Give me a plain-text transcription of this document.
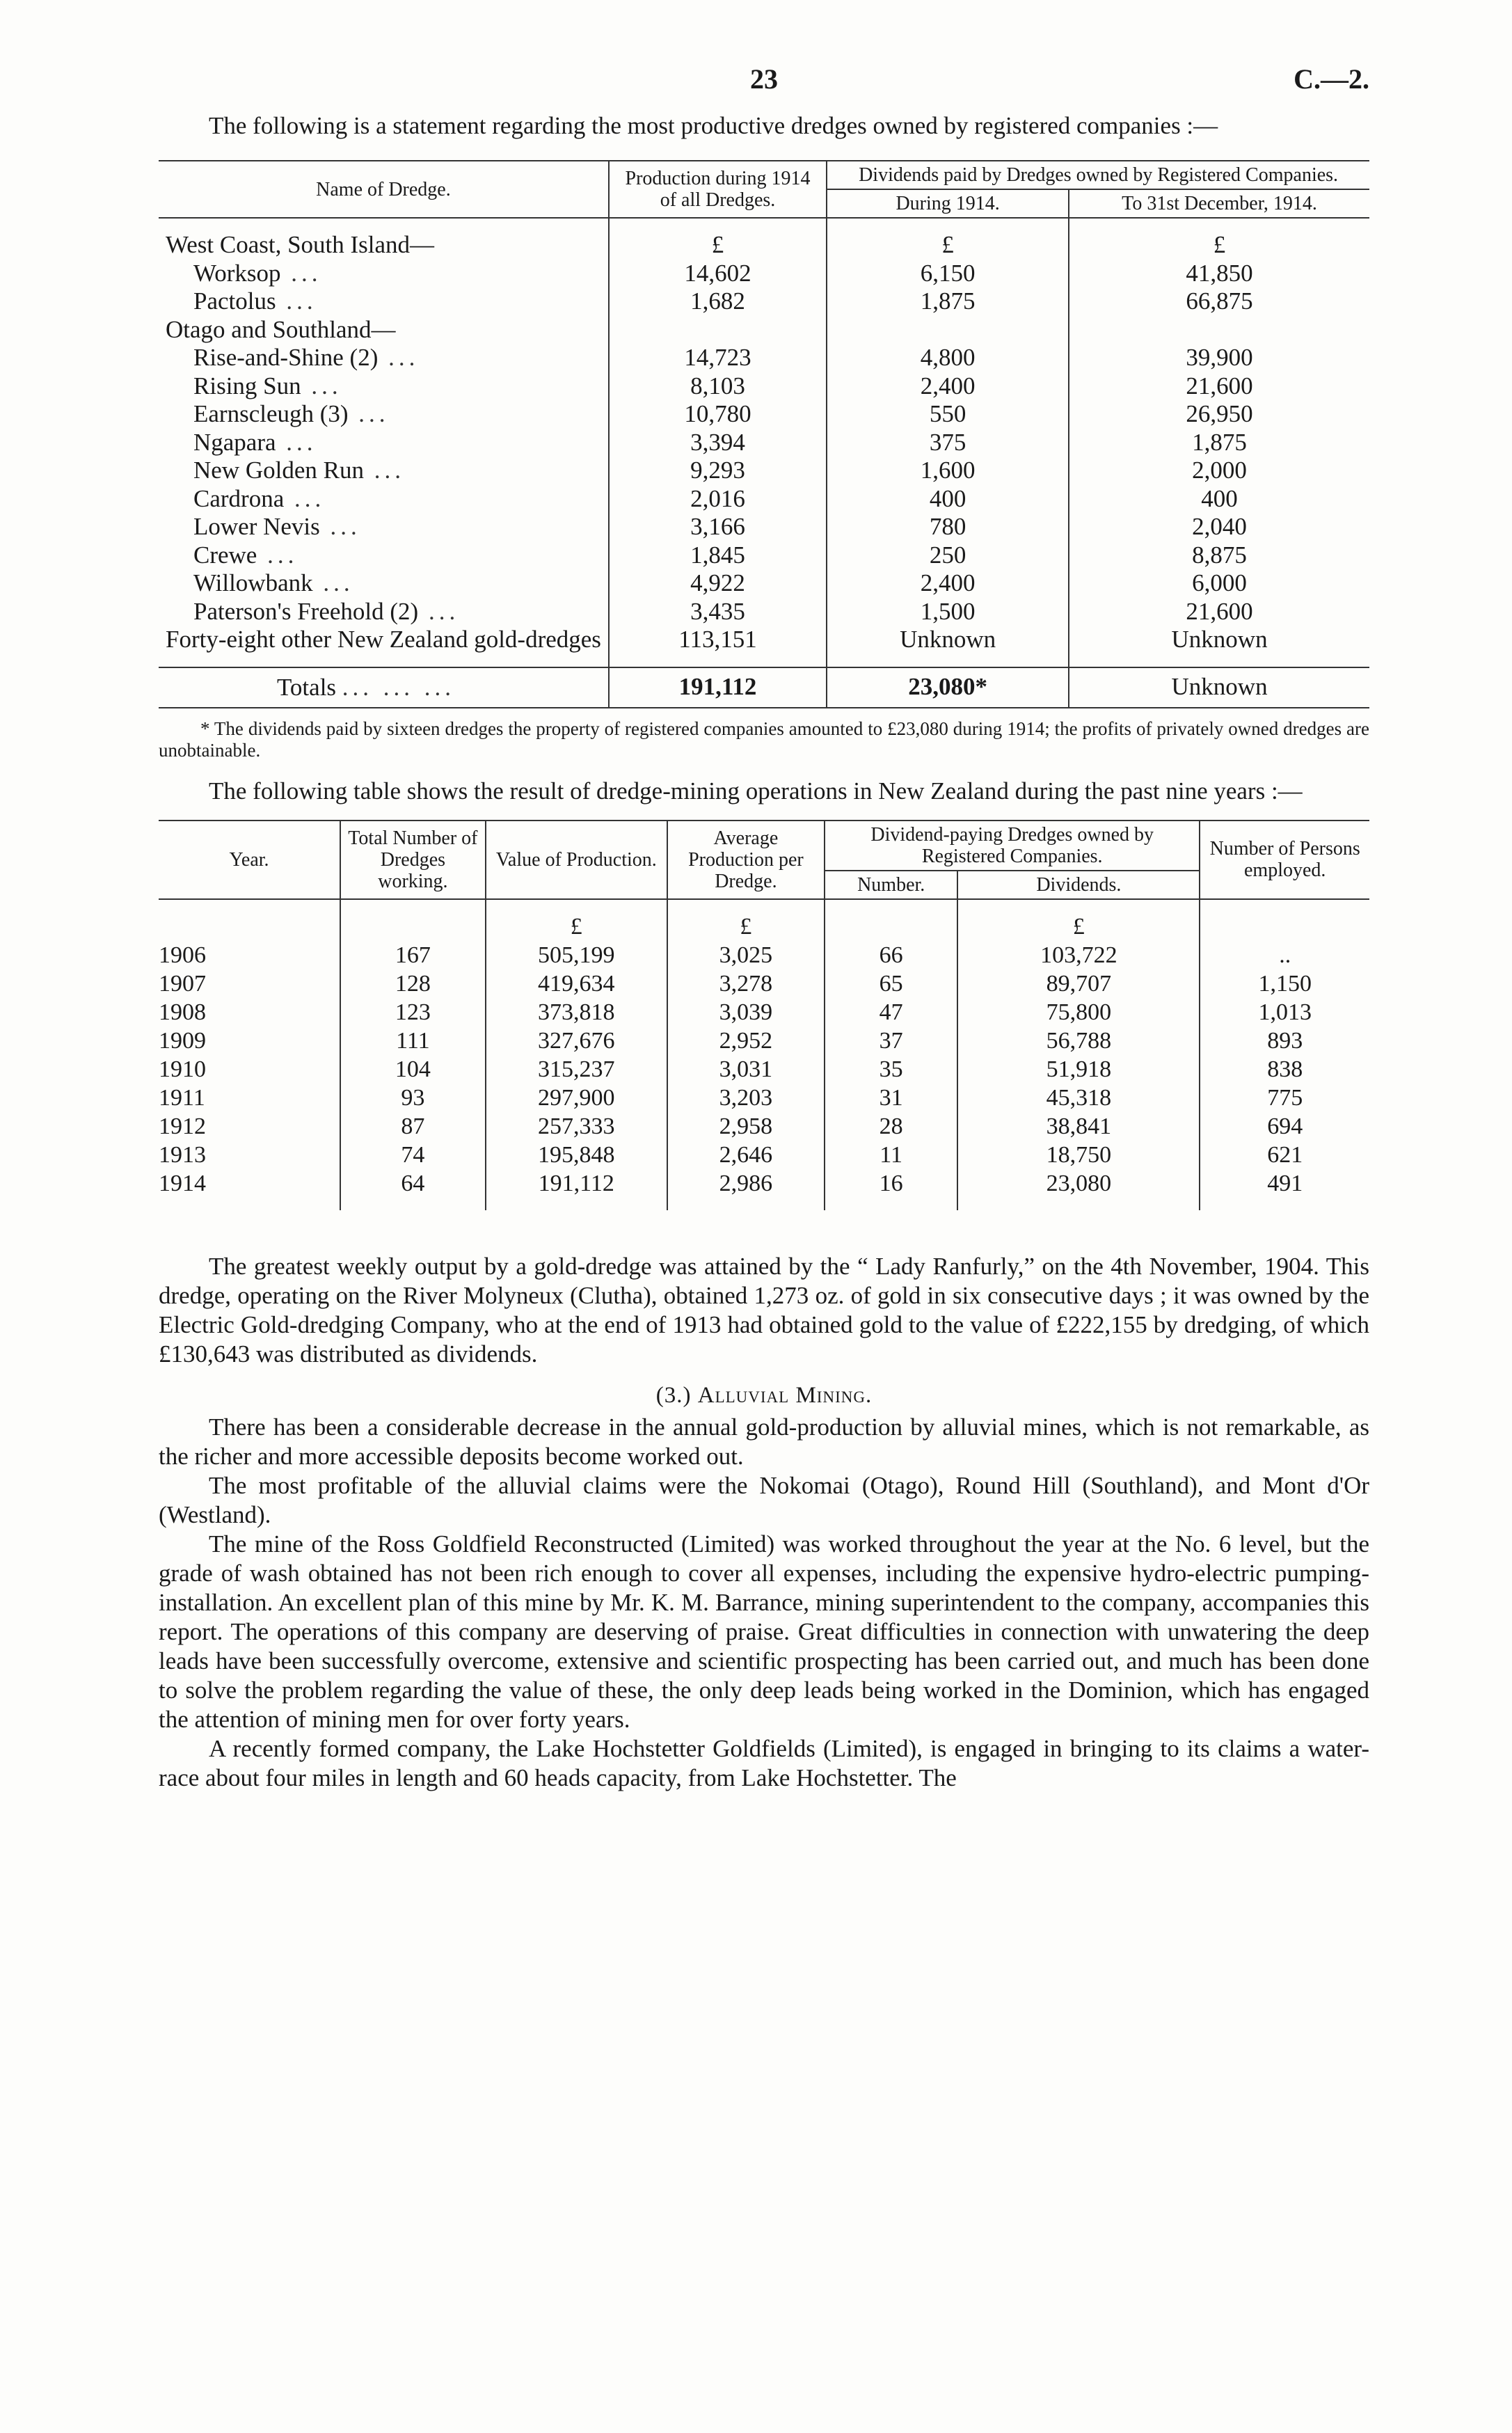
23	C.—2.

The following is a statement regarding the most productive dredges owned by registered companies :—

Name of Dredge.	Production during 1914 of all Dredges.	Dividends paid by Dredges owned by Registered Companies.	
		During 1914.	To 31st December, 1914.

West Coast, South Island—	£	£	£
Worksop ...	14,602	6,150	41,850
Pactolus ...	1,682	1,875	66,875
Otago and Southland—			
Rise-and-Shine (2) ...	14,723	4,800	39,900
Rising Sun ...	8,103	2,400	21,600
Earnscleugh (3) ...	10,780	550	26,950
Ngapara ...	3,394	375	1,875
New Golden Run ...	9,293	1,600	2,000
Cardrona ...	2,016	400	400
Lower Nevis ...	3,166	780	2,040
Crewe ...	1,845	250	8,875
Willowbank ...	4,922	2,400	6,000
Paterson's Freehold (2) ...	3,435	1,500	21,600
Forty-eight other New Zealand gold-dredges	113,151	Unknown	Unknown

Totals ... ... ...	191,112	23,080*	Unknown

* The dividends paid by sixteen dredges the property of registered companies amounted to £23,080 during 1914; the profits of privately owned dredges are unobtainable.

The following table shows the result of dredge-mining operations in New Zealand during the past nine years :—

Year.	Total Number of Dredges working.	Value of Production.	Average Production per Dredge.	Dividend-paying Dredges owned by Registered Companies.		Number of Persons employed.
				Number.	Dividends.	

		£	£		£	
1906	167	505,199	3,025	66	103,722	..
1907	128	419,634	3,278	65	89,707	1,150
1908	123	373,818	3,039	47	75,800	1,013
1909	111	327,676	2,952	37	56,788	893
1910	104	315,237	3,031	35	51,918	838
1911	93	297,900	3,203	31	45,318	775
1912	87	257,333	2,958	28	38,841	694
1913	74	195,848	2,646	11	18,750	621
1914	64	191,112	2,986	16	23,080	491

The greatest weekly output by a gold-dredge was attained by the “ Lady Ranfurly,” on the 4th November, 1904. This dredge, operating on the River Molyneux (Clutha), obtained 1,273 oz. of gold in six consecutive days ; it was owned by the Electric Gold-dredging Company, who at the end of 1913 had obtained gold to the value of £222,155 by dredging, of which £130,643 was distributed as dividends.

(3.) Alluvial Mining.

There has been a considerable decrease in the annual gold-production by alluvial mines, which is not remarkable, as the richer and more accessible deposits become worked out.

The most profitable of the alluvial claims were the Nokomai (Otago), Round Hill (Southland), and Mont d'Or (Westland).

The mine of the Ross Goldfield Reconstructed (Limited) was worked throughout the year at the No. 6 level, but the grade of wash obtained has not been rich enough to cover all expenses, including the expensive hydro-electric pumping-installation. An excellent plan of this mine by Mr. K. M. Barrance, mining superintendent to the company, accompanies this report. The operations of this company are deserving of praise. Great difficulties in connection with unwatering the deep leads have been successfully overcome, extensive and scientific prospecting has been carried out, and much has been done to solve the problem regarding the value of these, the only deep leads being worked in the Dominion, which has engaged the attention of mining men for over forty years.

A recently formed company, the Lake Hochstetter Goldfields (Limited), is engaged in bringing to its claims a water-race about four miles in length and 60 heads capacity, from Lake Hochstetter. The
